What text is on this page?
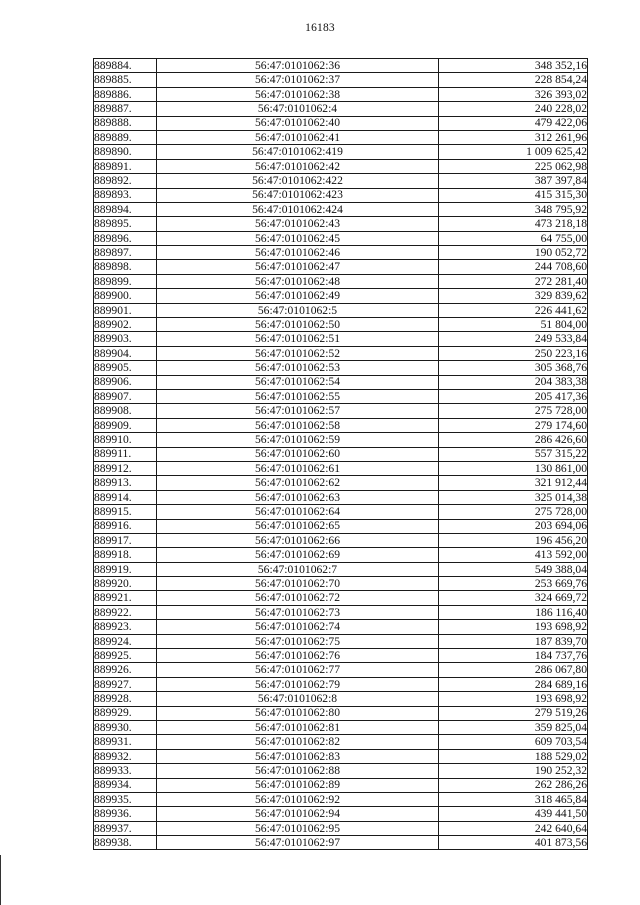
16183
889884.	56:47:0101062:36	348 352,16
889885.	56:47:0101062:37	228 854,24
889886.	56:47:0101062:38	326 393,02
889887.	56:47:0101062:4	240 228,02
889888.	56:47:0101062:40	479 422,06
889889.	56:47:0101062:41	312 261,96
889890.	56:47:0101062:419	1 009 625,42
889891.	56:47:0101062:42	225 062,98
889892.	56:47:0101062:422	387 397,84
889893.	56:47:0101062:423	415 315,30
889894.	56:47:0101062:424	348 795,92
889895.	56:47:0101062:43	473 218,18
889896.	56:47:0101062:45	64 755,00
889897.	56:47:0101062:46	190 052,72
889898.	56:47:0101062:47	244 708,60
889899.	56:47:0101062:48	272 281,40
889900.	56:47:0101062:49	329 839,62
889901.	56:47:0101062:5	226 441,62
889902.	56:47:0101062:50	51 804,00
889903.	56:47:0101062:51	249 533,84
889904.	56:47:0101062:52	250 223,16
889905.	56:47:0101062:53	305 368,76
889906.	56:47:0101062:54	204 383,38
889907.	56:47:0101062:55	205 417,36
889908.	56:47:0101062:57	275 728,00
889909.	56:47:0101062:58	279 174,60
889910.	56:47:0101062:59	286 426,60
889911.	56:47:0101062:60	557 315,22
889912.	56:47:0101062:61	130 861,00
889913.	56:47:0101062:62	321 912,44
889914.	56:47:0101062:63	325 014,38
889915.	56:47:0101062:64	275 728,00
889916.	56:47:0101062:65	203 694,06
889917.	56:47:0101062:66	196 456,20
889918.	56:47:0101062:69	413 592,00
889919.	56:47:0101062:7	549 388,04
889920.	56:47:0101062:70	253 669,76
889921.	56:47:0101062:72	324 669,72
889922.	56:47:0101062:73	186 116,40
889923.	56:47:0101062:74	193 698,92
889924.	56:47:0101062:75	187 839,70
889925.	56:47:0101062:76	184 737,76
889926.	56:47:0101062:77	286 067,80
889927.	56:47:0101062:79	284 689,16
889928.	56:47:0101062:8	193 698,92
889929.	56:47:0101062:80	279 519,26
889930.	56:47:0101062:81	359 825,04
889931.	56:47:0101062:82	609 703,54
889932.	56:47:0101062:83	188 529,02
889933.	56:47:0101062:88	190 252,32
889934.	56:47:0101062:89	262 286,26
889935.	56:47:0101062:92	318 465,84
889936.	56:47:0101062:94	439 441,50
889937.	56:47:0101062:95	242 640,64
889938.	56:47:0101062:97	401 873,56
